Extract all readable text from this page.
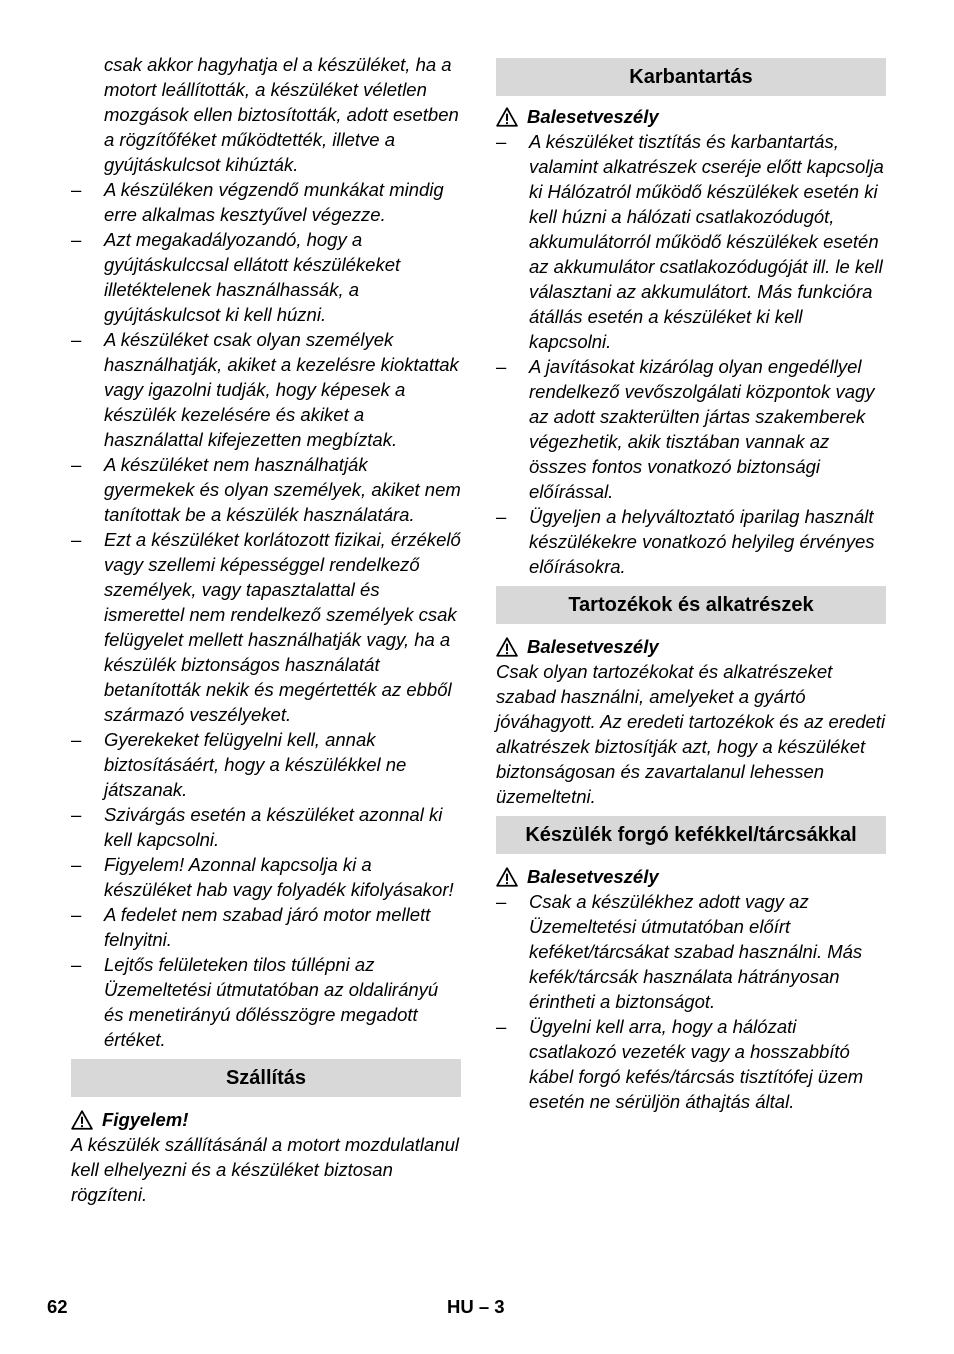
csak akkor hagyhatja el a készüléket, ha a motort leállították, a készüléket véletlen mozgások ellen biztosították, adott esetben a rögzítőféket működtették, illetve a gyújtáskulcsot kihúzták.

– A készüléken végzendő munkákat mindig erre alkalmas kesztyűvel végezze.
– Azt megakadályozandó, hogy a gyújtáskulccsal ellátott készülékeket illetéktelenek használhassák, a gyújtáskulcsot ki kell húzni.
– A készüléket csak olyan személyek használhatják, akiket a kezelésre kioktattak vagy igazolni tudják, hogy képesek a készülék kezelésére és akiket a használattal kifejezetten megbíztak.
– A készüléket nem használhatják gyermekek és olyan személyek, akiket nem tanítottak be a készülék használatára.
– Ezt a készüléket korlátozott fizikai, érzékelő vagy szellemi képességgel rendelkező személyek, vagy tapasztalattal és ismerettel nem rendelkező személyek csak felügyelet mellett használhatják vagy, ha a készülék biztonságos használatát betanították nekik és megértették az ebből származó veszélyeket.
– Gyerekeket felügyelni kell, annak biztosításáért, hogy a készülékkel ne játszanak.
– Szivárgás esetén a készüléket azonnal ki kell kapcsolni.
– Figyelem! Azonnal kapcsolja ki a készüléket hab vagy folyadék kifolyásakor!
– A fedelet nem szabad járó motor mellett felnyitni.
– Lejtős felületeken tilos túllépni az Üzemeltetési útmutatóban az oldalirányú és menetirányú dőlésszögre megadott értéket.
Szállítás
Figyelem!

A készülék szállításánál a motort mozdulatlanul kell elhelyezni és a készüléket biztosan rögzíteni.

Karbantartás
Balesetveszély
– A készüléket tisztítás és karbantartás, valamint alkatrészek cseréje előtt kapcsolja ki Hálózatról működő készülékek esetén ki kell húzni a hálózati csatlakozódugót, akkumulátorról működő készülékek esetén az akkumulátor csatlakozódugóját ill. le kell választani az akkumulátort. Más funkcióra átállás esetén a készüléket ki kell kapcsolni.
– A javításokat kizárólag olyan engedéllyel rendelkező vevőszolgálati központok vagy az adott szakterülten jártas szakemberek végezhetik, akik tisztában vannak az összes fontos vonatkozó biztonsági előírással.
– Ügyeljen a helyváltoztató iparilag használt készülékekre vonatkozó helyileg érvényes előírásokra.
Tartozékok és alkatrészek
Balesetveszély

Csak olyan tartozékokat és alkatrészeket szabad használni, amelyeket a gyártó jóváhagyott. Az eredeti tartozékok és az eredeti alkatrészek biztosítják azt, hogy a készüléket biztonságosan és zavartalanul lehessen üzemeltetni.

Készülék forgó kefékkel/tárcsákkal
Balesetveszély
– Csak a készülékhez adott vagy az Üzemeltetési útmutatóban előírt keféket/tárcsákat szabad használni. Más kefék/tárcsák használata hátrányosan érintheti a biztonságot.
– Ügyelni kell arra, hogy a hálózati csatlakozó vezeték vagy a hosszabbító kábel forgó kefés/tárcsás tisztítófej üzem esetén ne sérüljön áthajtás által.
62	HU – 3
